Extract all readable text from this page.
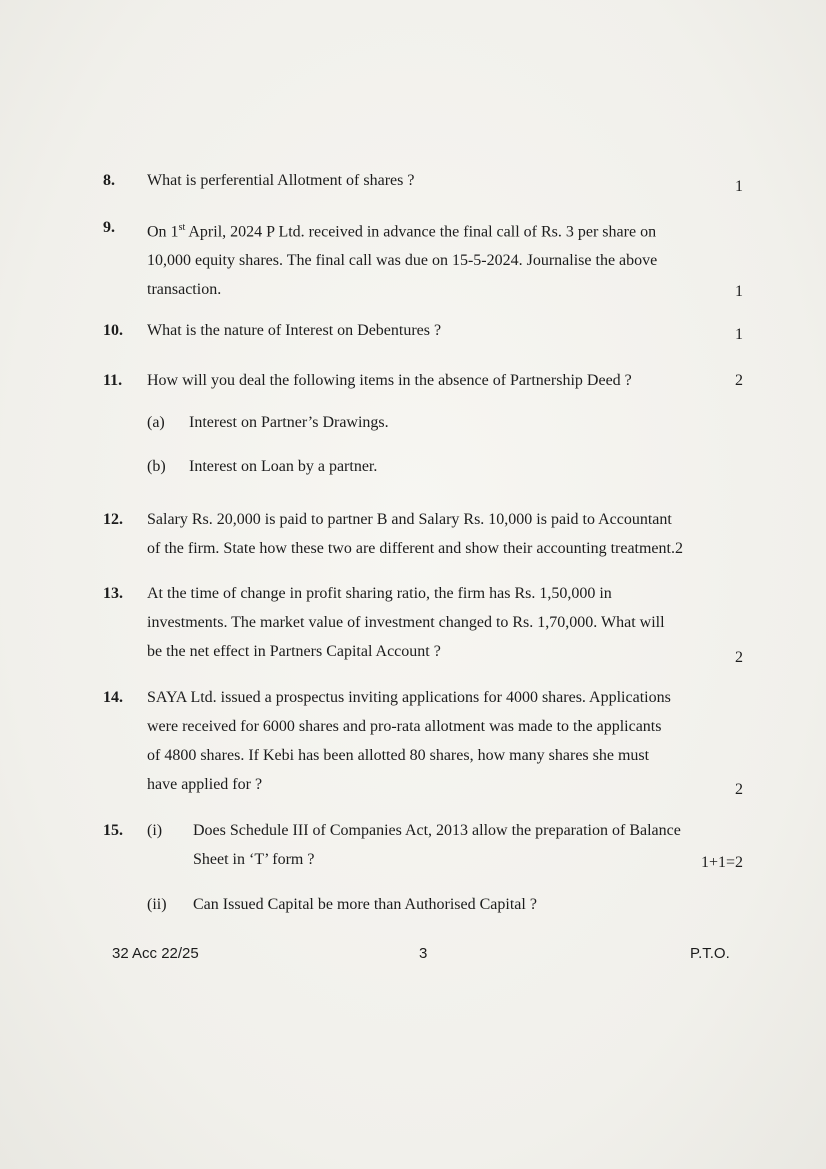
8. What is perferential Allotment of shares ?	1
9. On 1st April, 2024 P Ltd. received in advance the final call of Rs. 3 per share on
10,000 equity shares. The final call was due on 15-5-2024. Journalise the above
transaction.	1
10. What is the nature of Interest on Debentures ?	1
11. How will you deal the following items in the absence of Partnership Deed ?	2
(a) Interest on Partner’s Drawings.
(b) Interest on Loan by a partner.
12. Salary Rs. 20,000 is paid to partner B and Salary Rs. 10,000 is paid to Accountant
of the firm. State how these two are different and show their accounting treatment.2
13. At the time of change in profit sharing ratio, the firm has Rs. 1,50,000 in
investments. The market value of investment changed to Rs. 1,70,000. What will
be the net effect in Partners Capital Account ?	2
14. SAYA Ltd. issued a prospectus inviting applications for 4000 shares. Applications
were received for 6000 shares and pro-rata allotment was made to the applicants
of 4800 shares. If Kebi has been allotted 80 shares, how many shares she must
have applied for ?	2
15. (i) Does Schedule III of Companies Act, 2013 allow the preparation of Balance
Sheet in ‘T’ form ?	1+1=2
(ii) Can Issued Capital be more than Authorised Capital ?
32 Acc 22/25	3	P.T.O.
